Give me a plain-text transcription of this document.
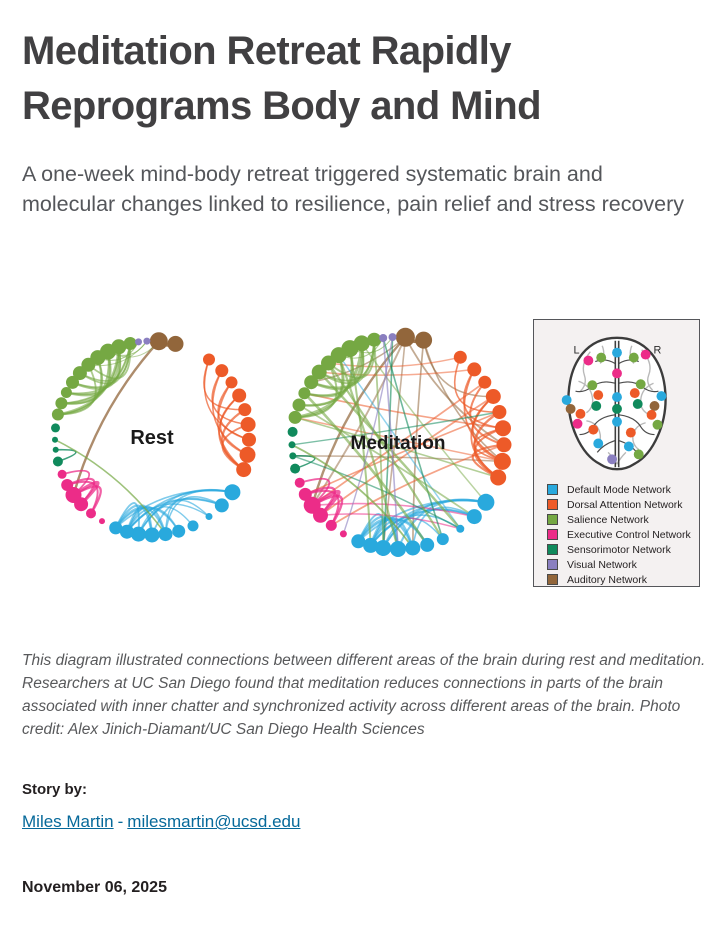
Meditation Retreat Rapidly Reprograms Body and Mind

A one-week mind-body retreat triggered systematic brain and molecular changes linked to resilience, pain relief and stress recovery

Rest	Meditation
L	R
Default Mode Network
Dorsal Attention Network
Salience Network
Executive Control Network
Sensorimotor Network
Visual Network
Auditory Network

This diagram illustrated connections between different areas of the brain during rest and meditation. Researchers at UC San Diego found that meditation reduces connections in parts of the brain associated with inner chatter and synchronized activity across different areas of the brain. Photo credit: Alex Jinich-Diamant/UC San Diego Health Sciences

Story by:

Miles Martin - milesmartin@ucsd.edu

November 06, 2025
